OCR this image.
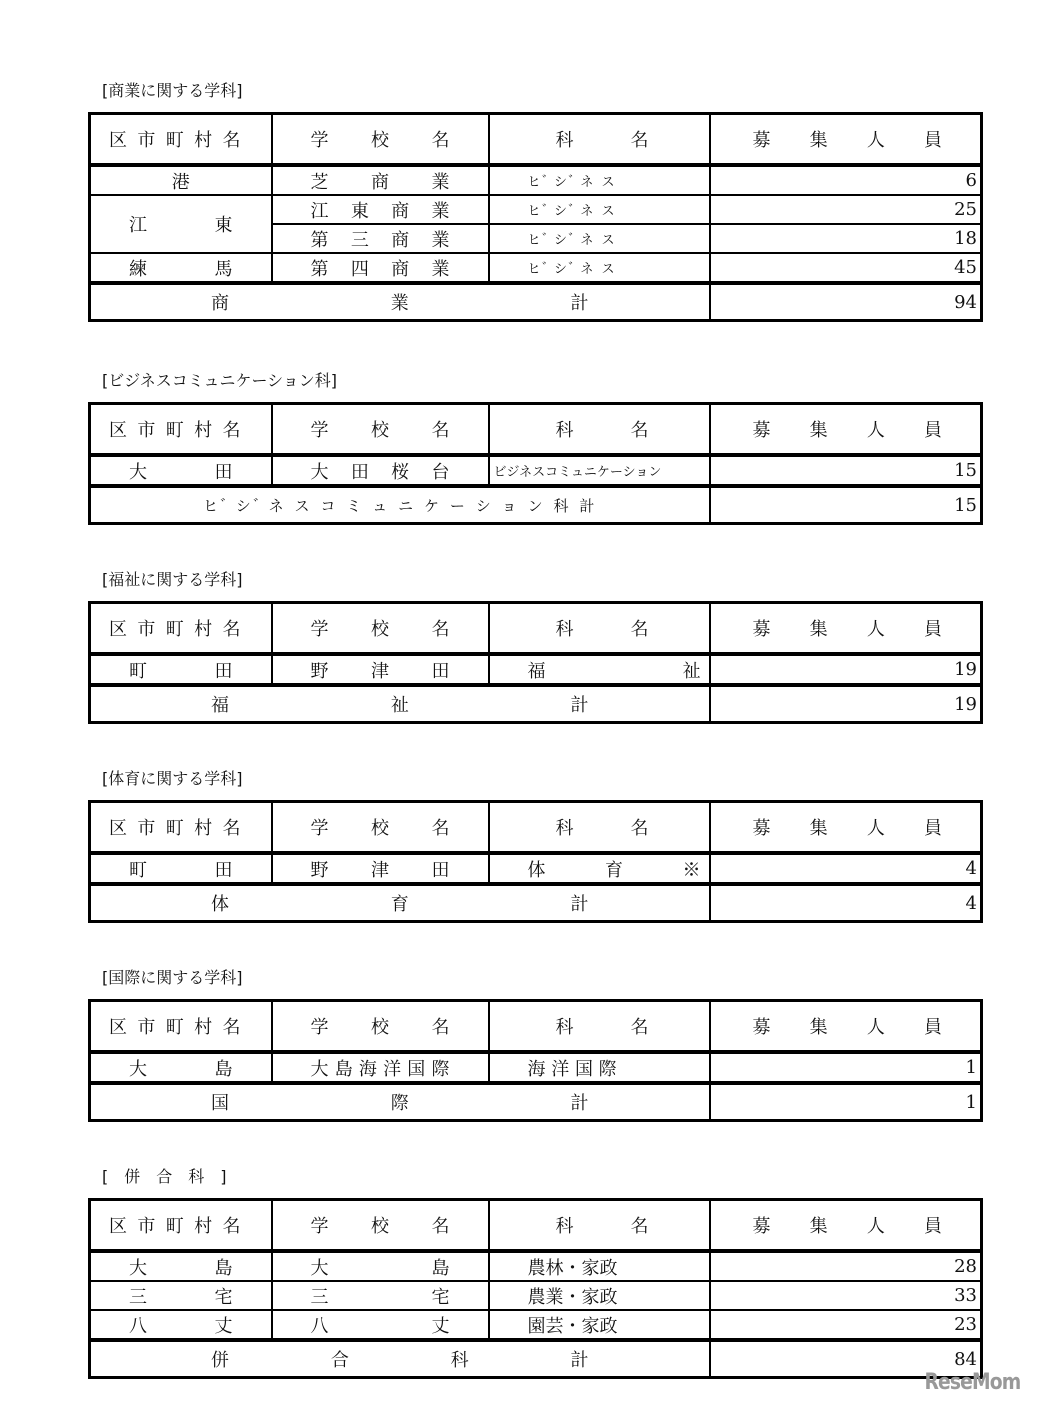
[商業に関する学科]
区 市 町 村 名	学 校 名	科 名	募 集 人 員
港	芝 商 業	ヒ ゙ シ ゙ ネ ス	6
江 東	江 東 商 業	ヒ ゙ シ ゙ ネ ス	25
	第 三 商 業	ヒ ゙ シ ゙ ネ ス	18
練 馬	第 四 商 業	ヒ ゙ シ ゙ ネ ス	45
商 業 計			94
[ビジネスコミュニケーション科]
区 市 町 村 名	学 校 名	科 名	募 集 人 員
大 田	大 田 桜 台	ビジネスコミュニケーション	15
ヒ ゙ シ ゙ ネ ス コ ミ ュ ニ ケ ー シ ョ ン 科 計			15
[福祉に関する学科]
区 市 町 村 名	学 校 名	科 名	募 集 人 員
町 田	野 津 田	福 祉	19
福 祉 計			19
[体育に関する学科]
区 市 町 村 名	学 校 名	科 名	募 集 人 員
町 田	野 津 田	体 育 ※	4
体 育 計			4
[国際に関する学科]
区 市 町 村 名	学 校 名	科 名	募 集 人 員
大 島	大 島 海 洋 国 際	海 洋 国 際	1
国 際 計			1
[　併　合　科　]
区 市 町 村 名	学 校 名	科 名	募 集 人 員
大 島	大 島	農林・家政	28
三 宅	三 宅	農業・家政	33
八 丈	八 丈	園芸・家政	23
併 合 科 計			84
ReseMom
